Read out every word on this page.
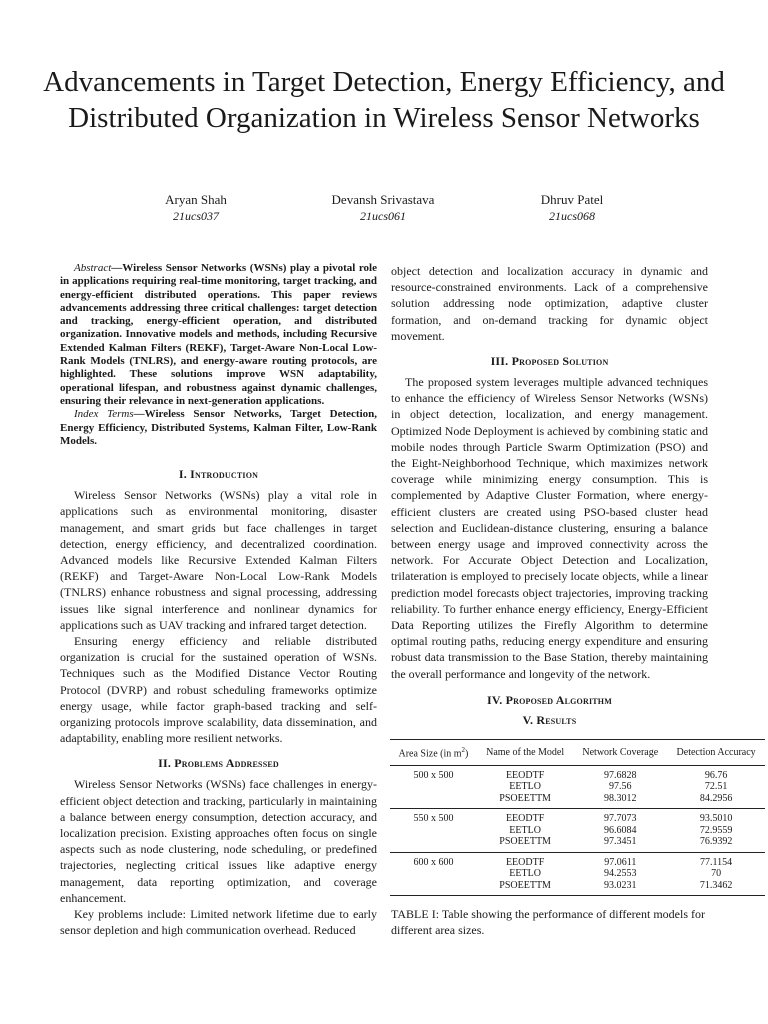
Advancements in Target Detection, Energy Efficiency, and Distributed Organization in Wireless Sensor Networks
Aryan Shah
21ucs037
Devansh Srivastava
21ucs061
Dhruv Patel
21ucs068

Abstract—Wireless Sensor Networks (WSNs) play a pivotal role in applications requiring real-time monitoring, target tracking, and energy-efficient distributed operations. This paper reviews advancements addressing three critical challenges: target detection and tracking, energy-efficient operation, and distributed organization. Innovative models and methods, including Recursive Extended Kalman Filters (REKF), Target-Aware Non-Local Low-Rank Models (TNLRS), and energy-aware routing protocols, are highlighted. These solutions improve WSN adaptability, operational lifespan, and robustness against dynamic challenges, ensuring their relevance in next-generation applications.

Index Terms—Wireless Sensor Networks, Target Detection, Energy Efficiency, Distributed Systems, Kalman Filter, Low-Rank Models.

I. Introduction

Wireless Sensor Networks (WSNs) play a vital role in applications such as environmental monitoring, disaster management, and smart grids but face challenges in target detection, energy efficiency, and decentralized coordination. Advanced models like Recursive Extended Kalman Filters (REKF) and Target-Aware Non-Local Low-Rank Models (TNLRS) enhance robustness and signal processing, addressing issues like signal interference and nonlinear dynamics for applications such as UAV tracking and infrared target detection.

Ensuring energy efficiency and reliable distributed organization is crucial for the sustained operation of WSNs. Techniques such as the Modified Distance Vector Routing Protocol (DVRP) and robust scheduling frameworks optimize energy usage, while factor graph-based tracking and self-organizing protocols improve scalability, data dissemination, and adaptability, enabling more resilient networks.

II. Problems Addressed

Wireless Sensor Networks (WSNs) face challenges in energy-efficient object detection and tracking, particularly in maintaining a balance between energy consumption, detection accuracy, and localization precision. Existing approaches often focus on single aspects such as node clustering, node scheduling, or predefined trajectories, neglecting critical issues like adaptive energy management, data reporting optimization, and coverage enhancement.

Key problems include: Limited network lifetime due to early sensor depletion and high communication overhead. Reduced

object detection and localization accuracy in dynamic and resource-constrained environments. Lack of a comprehensive solution addressing node optimization, adaptive cluster formation, and on-demand tracking for dynamic object movement.

III. Proposed Solution

The proposed system leverages multiple advanced techniques to enhance the efficiency of Wireless Sensor Networks (WSNs) in object detection, localization, and energy management. Optimized Node Deployment is achieved by combining static and mobile nodes through Particle Swarm Optimization (PSO) and the Eight-Neighborhood Technique, which maximizes network coverage while minimizing energy consumption. This is complemented by Adaptive Cluster Formation, where energy-efficient clusters are created using PSO-based cluster head selection and Euclidean-distance clustering, ensuring a balance between energy usage and improved connectivity across the network. For Accurate Object Detection and Localization, trilateration is employed to precisely locate objects, while a linear prediction model forecasts object trajectories, improving tracking reliability. To further enhance energy efficiency, Energy-Efficient Data Reporting utilizes the Firefly Algorithm to determine optimal routing paths, reducing energy expenditure and ensuring robust data transmission to the Base Station, thereby maintaining the overall performance and longevity of the network.

IV. Proposed Algorithm
V. Results
Area Size (in $m^2$)	Name of the Model	Network Coverage	Detection Accuracy
500 x 500	EEODTF	97.6828	96.76
	EETLO	97.56	72.51
	PSOEETTM	98.3012	84.2956
550 x 500	EEODTF	97.7073	93.5010
	EETLO	96.6084	72.9559
	PSOEETTM	97.3451	76.9392
600 x 600	EEODTF	97.0611	77.1154
	EETLO	94.2553	70
	PSOEETTM	93.0231	71.3462

TABLE I: Table showing the performance of different models for different area sizes.
